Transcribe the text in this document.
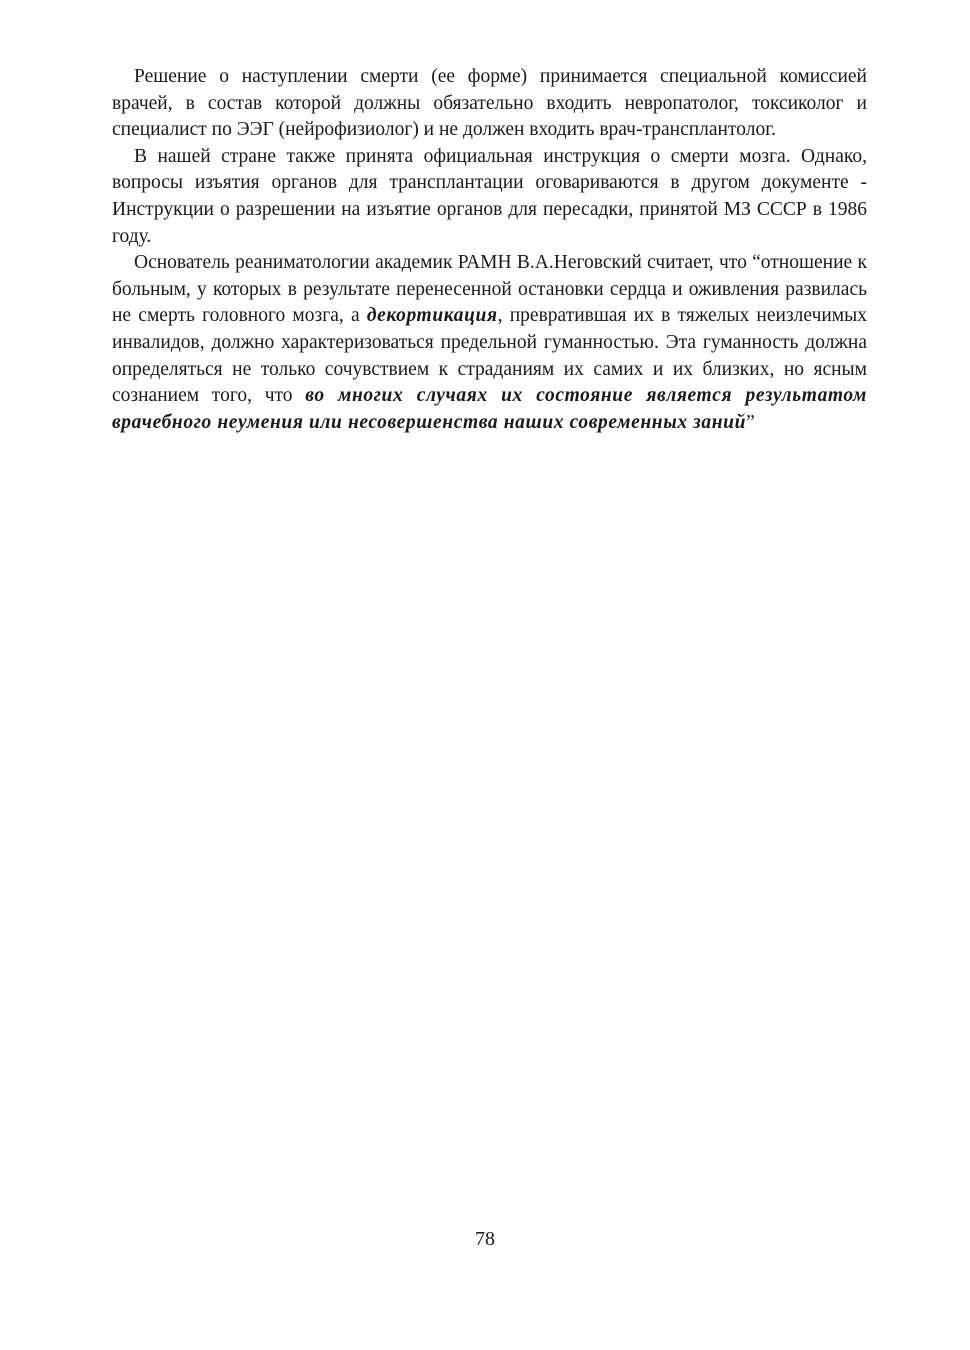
Решение о наступлении смерти (ее форме) принимается специальной комиссией врачей, в состав которой должны обязательно входить невропатолог, токсиколог и специалист по ЭЭГ (нейрофизиолог) и не должен входить врач-трансплантолог.

В нашей стране также принята официальная инструкция о смерти мозга. Однако, вопросы изъятия органов для трансплантации оговариваются в другом документе - Инструкции о разрешении на изъятие органов для пересадки, принятой МЗ СССР в 1986 году.

Основатель реаниматологии академик РАМН В.А.Неговский считает, что “отношение к больным, у которых в результате перенесенной остановки сердца и оживления развилась не смерть головного мозга, а декортикация, превратившая их в тяжелых неизлечимых инвалидов, должно характеризоваться предельной гуманностью. Эта гуманность должна определяться не только сочувствием к страданиям их самих и их близких, но ясным сознанием того, что во многих случаях их состояние является результатом врачебного неумения или несовершенства наших современных заний”

78
